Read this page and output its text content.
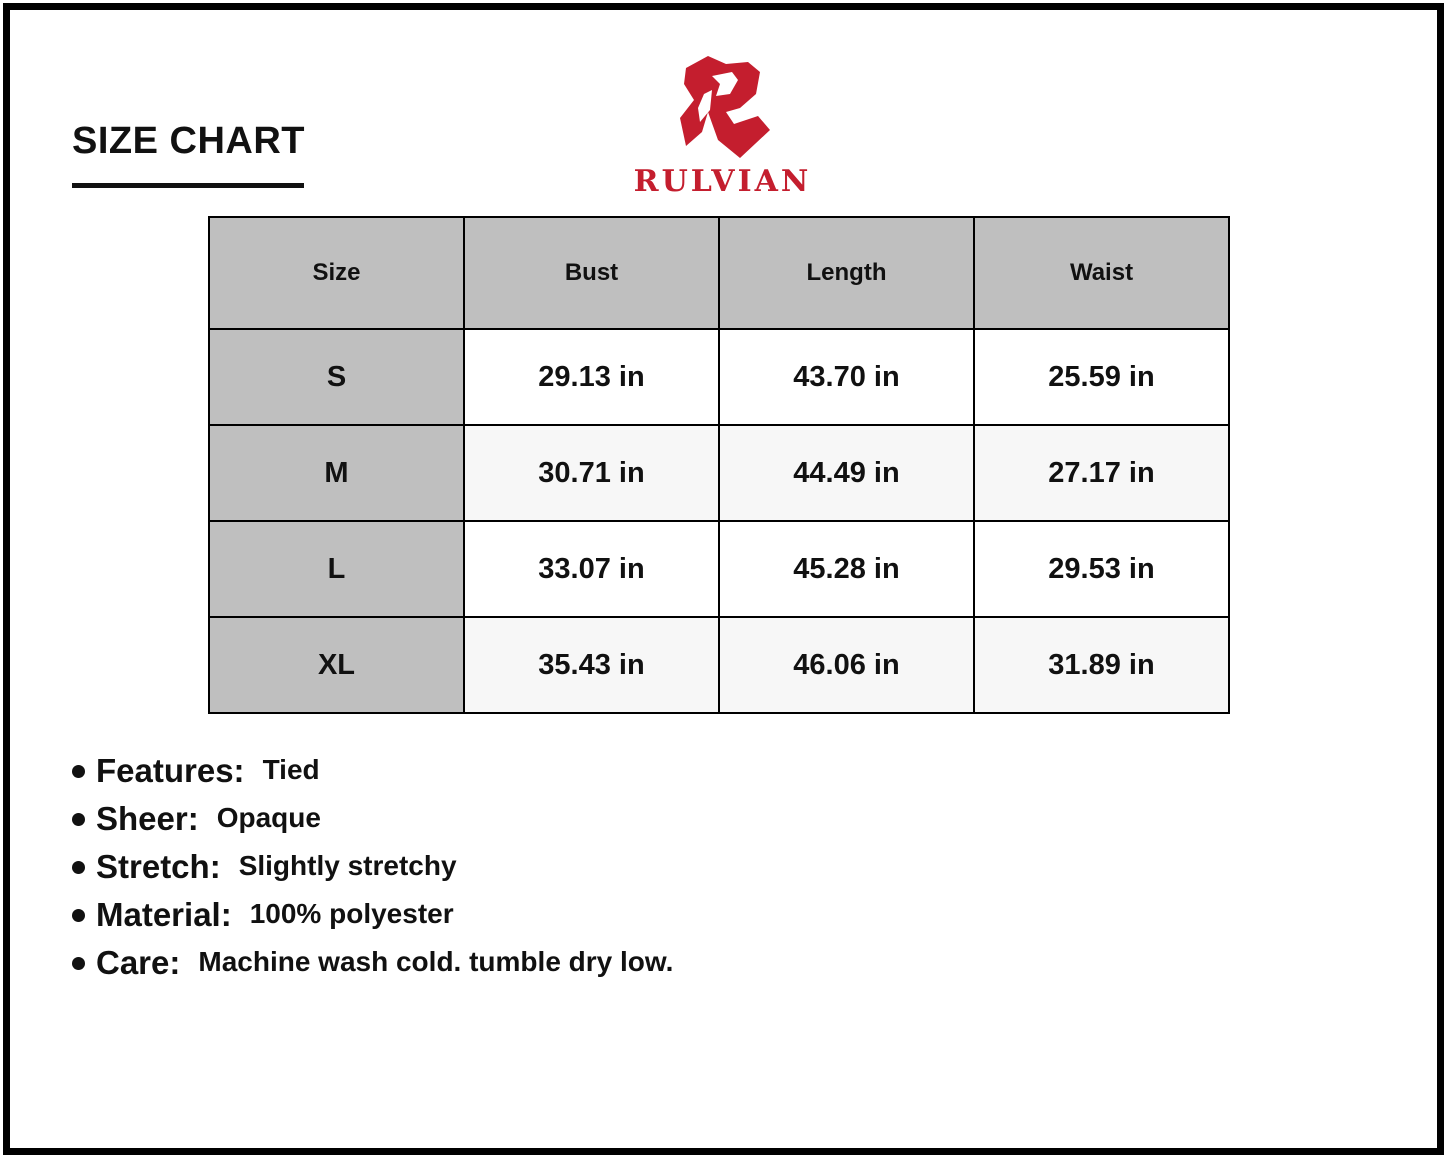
SIZE CHART
RULVIAN
Size	Bust	Length	Waist
S	29.13 in	43.70 in	25.59 in
M	30.71 in	44.49 in	27.17 in
L	33.07 in	45.28 in	29.53 in
XL	35.43 in	46.06 in	31.89 in
Features: Tied
Sheer: Opaque
Stretch: Slightly stretchy
Material: 100% polyester
Care: Machine wash cold. tumble dry low.
